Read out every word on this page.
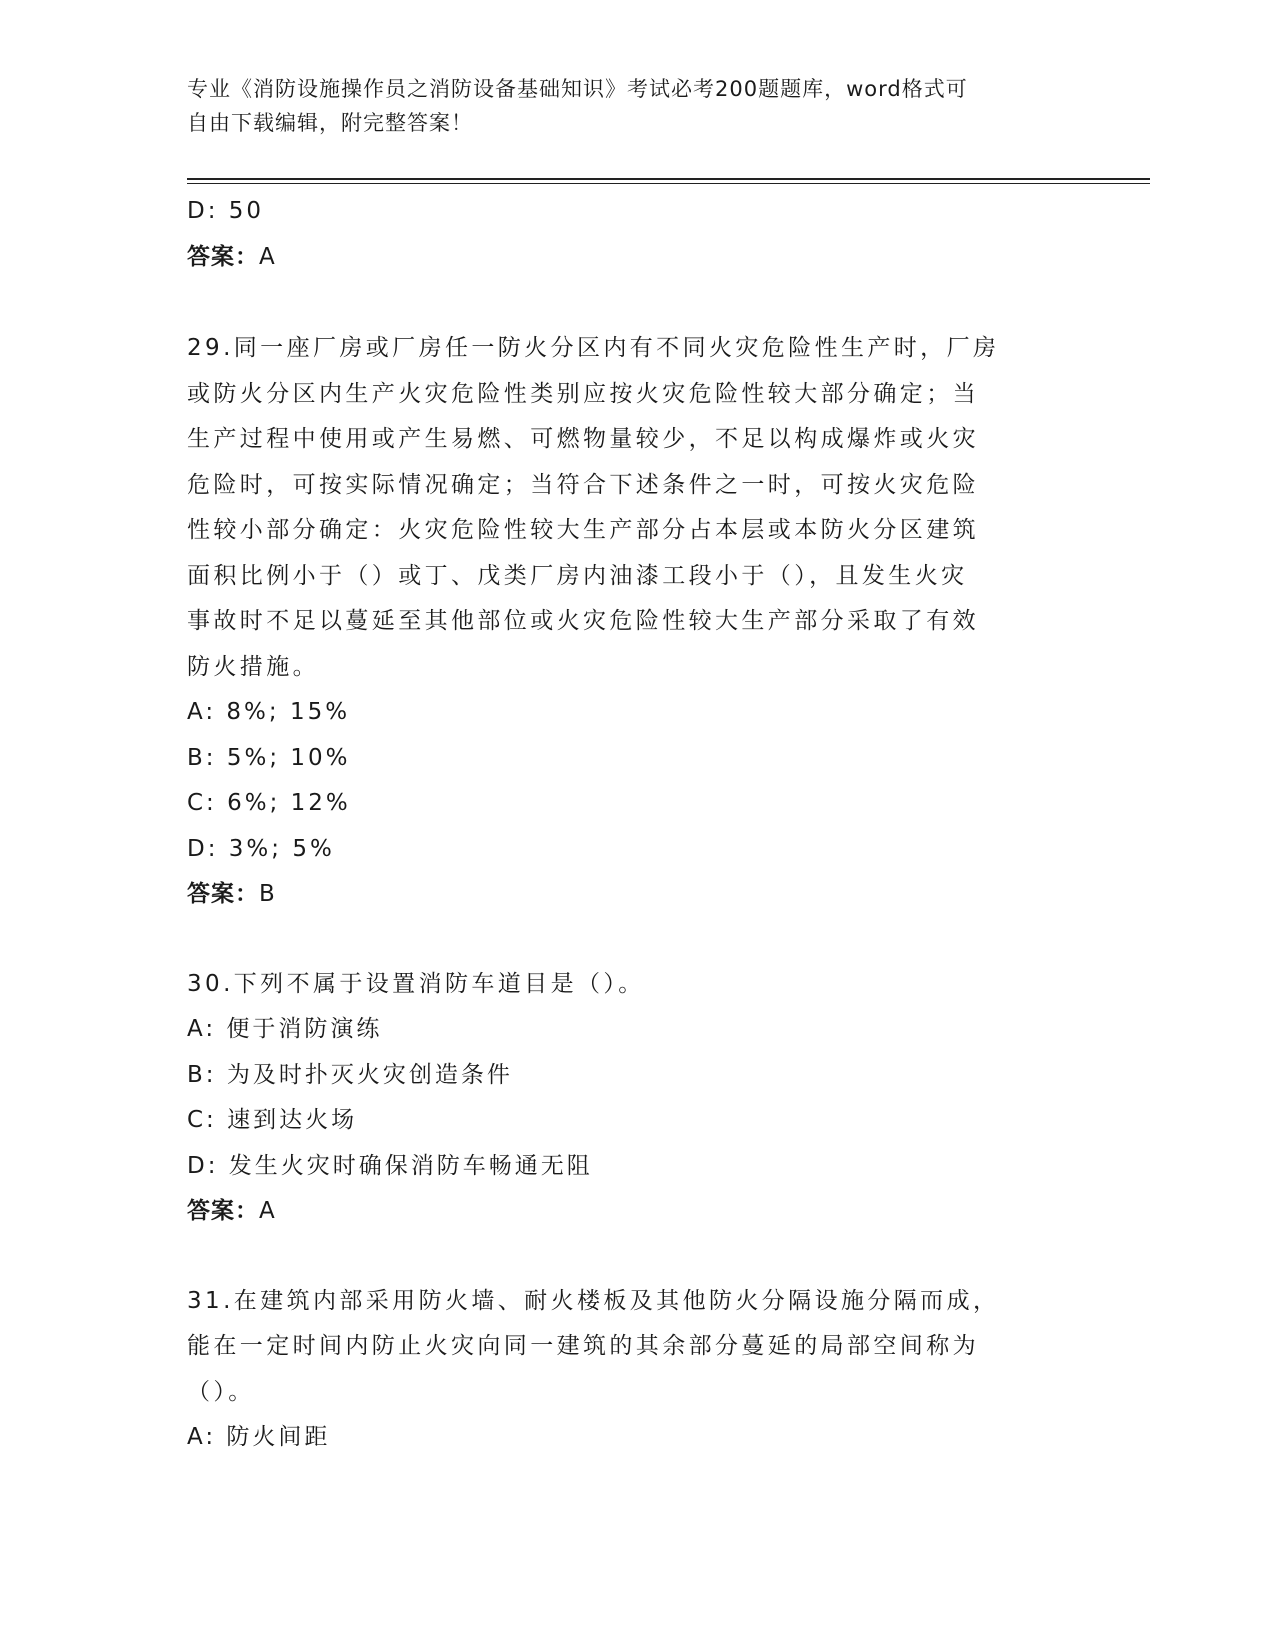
专业《消防设施操作员之消防设备基础知识》考试必考200题题库，word格式可
自由下载编辑，附完整答案！
D: 50
答案：A
29.同一座厂房或厂房任一防火分区内有不同火灾危险性生产时，厂房
或防火分区内生产火灾危险性类别应按火灾危险性较大部分确定；当
生产过程中使用或产生易燃、可燃物量较少，不足以构成爆炸或火灾
危险时，可按实际情况确定；当符合下述条件之一时，可按火灾危险
性较小部分确定：火灾危险性较大生产部分占本层或本防火分区建筑
面积比例小于（）或丁、戊类厂房内油漆工段小于（），且发生火灾
事故时不足以蔓延至其他部位或火灾危险性较大生产部分采取了有效
防火措施。
A: 8%; 15%
B: 5%; 10%
C: 6%; 12%
D: 3%; 5%
答案：B
30.下列不属于设置消防车道目是（）。
A: 便于消防演练
B: 为及时扑灭火灾创造条件
C: 速到达火场
D: 发生火灾时确保消防车畅通无阻
答案：A
31.在建筑内部采用防火墙、耐火楼板及其他防火分隔设施分隔而成，
能在一定时间内防止火灾向同一建筑的其余部分蔓延的局部空间称为
（）。
A: 防火间距
